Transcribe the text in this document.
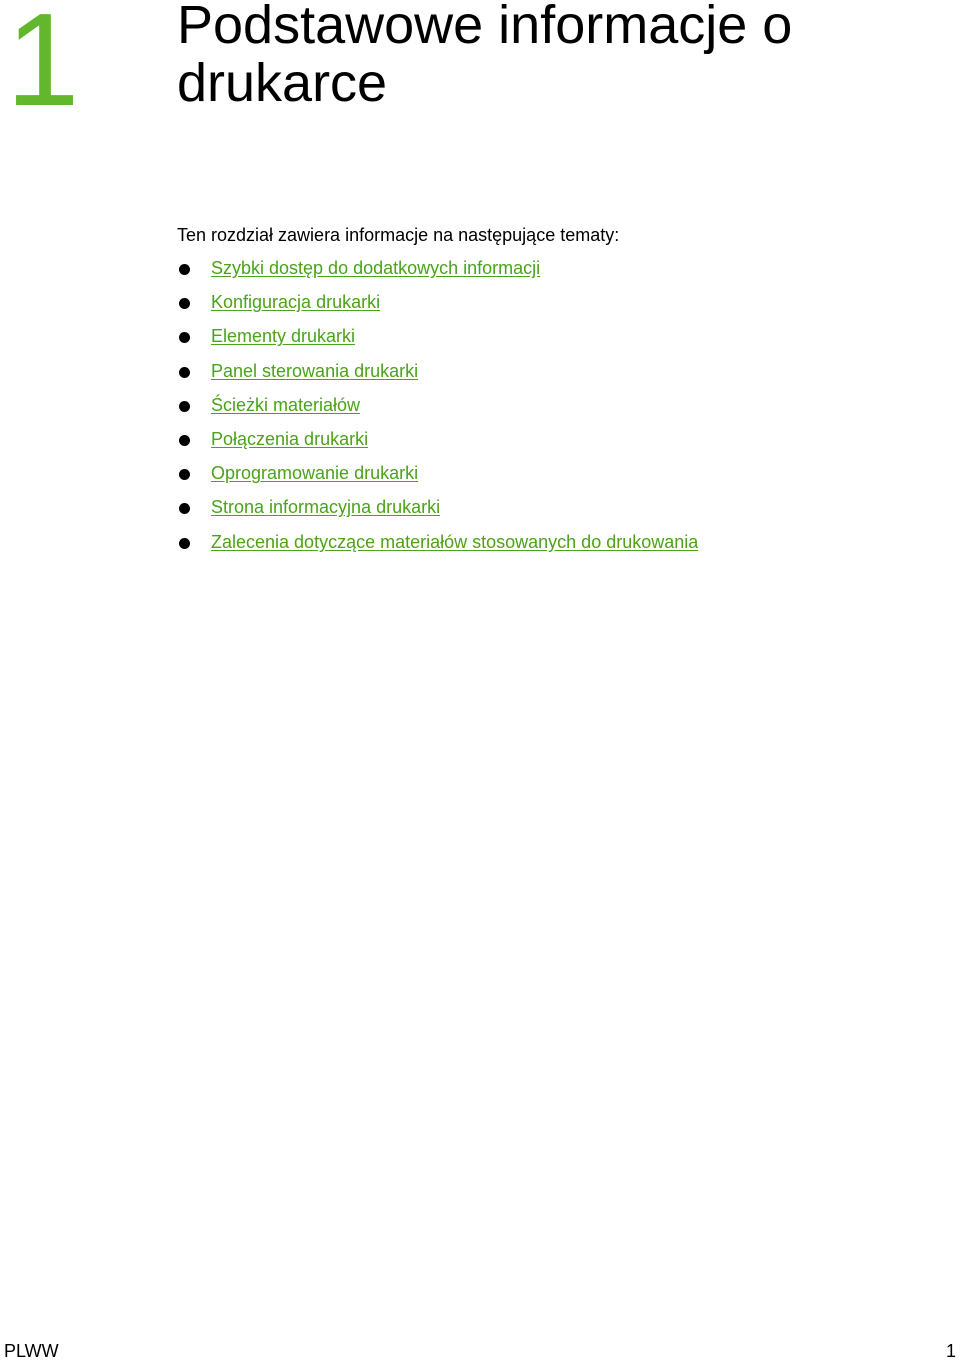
1 Podstawowe informacje o drukarce

Ten rozdział zawiera informacje na następujące tematy:

Szybki dostęp do dodatkowych informacji
Konfiguracja drukarki
Elementy drukarki
Panel sterowania drukarki
Ścieżki materiałów
Połączenia drukarki
Oprogramowanie drukarki
Strona informacyjna drukarki
Zalecenia dotyczące materiałów stosowanych do drukowania
PLWW	1
